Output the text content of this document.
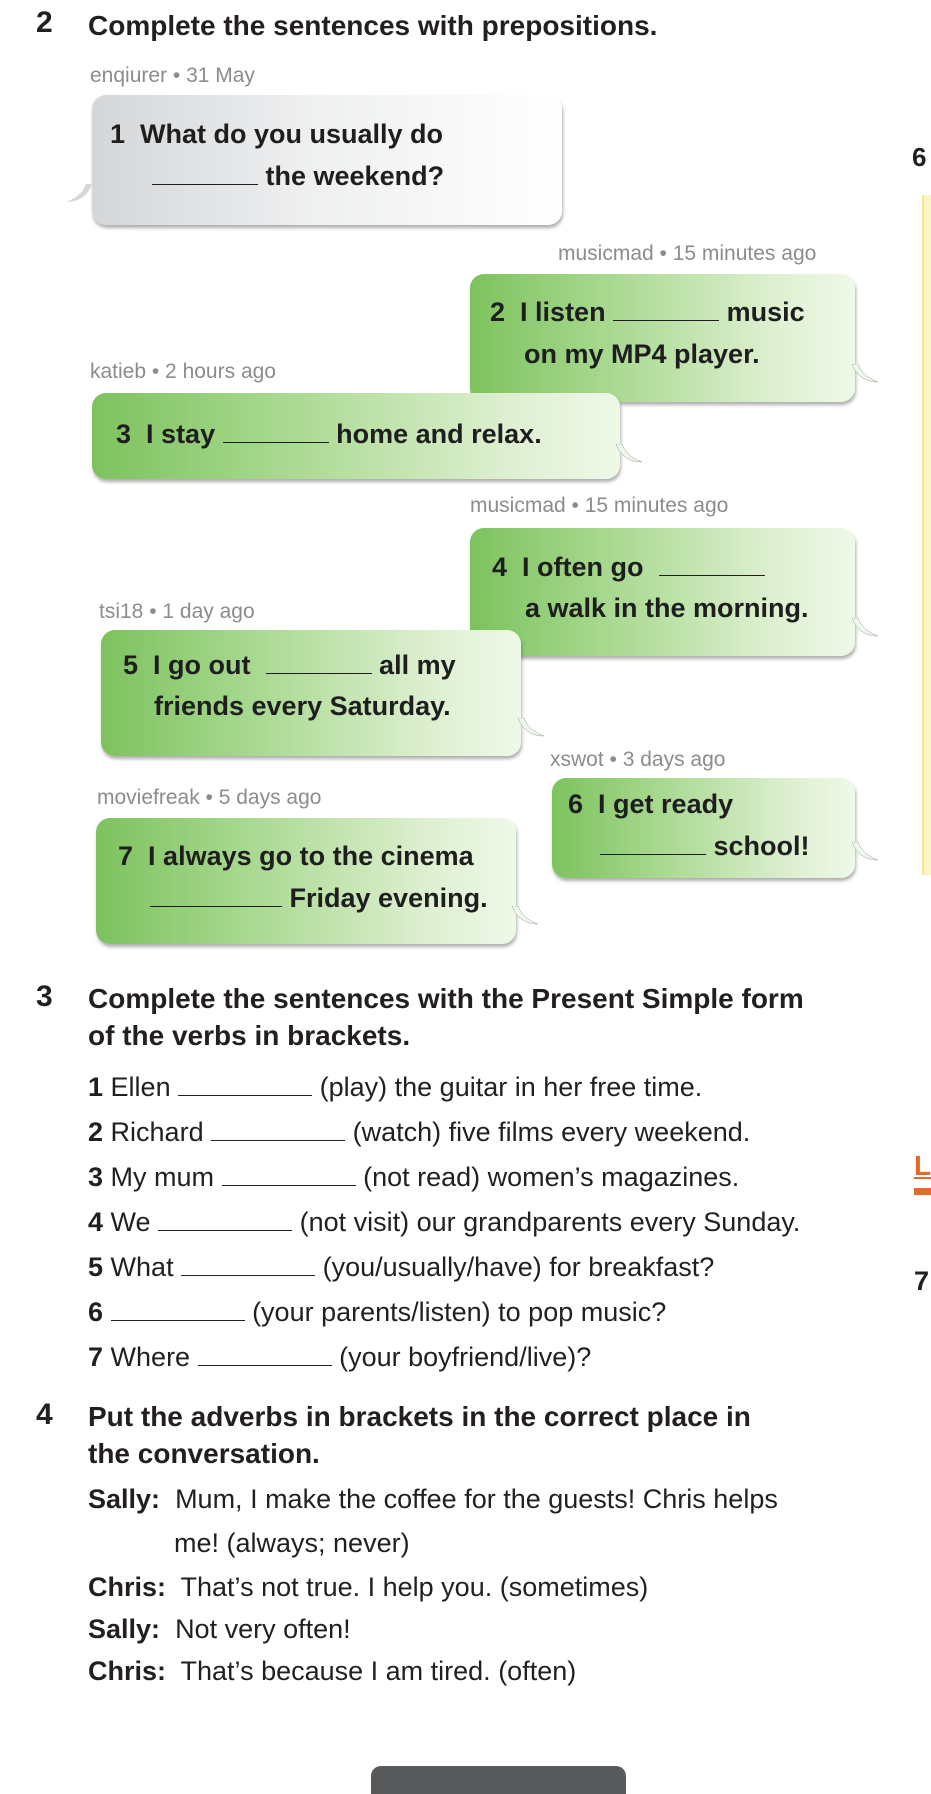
2 Complete the sentences with prepositions.
6
L
7
enqiurer • 31 May
1 What do you usually do
the weekend?
musicmad • 15 minutes ago
2 I listen	music
on my MP4 player.
katieb • 2 hours ago
3 I stay	home and relax.
musicmad • 15 minutes ago
4 I often go
a walk in the morning.
tsi18 • 1 day ago
5 I go out	all my
friends every Saturday.
xswot • 3 days ago
6 I get ready
school!
moviefreak • 5 days ago
7 I always go to the cinema
Friday evening.
3 Complete the sentences with the Present Simple form
of the verbs in brackets.
1 Ellen	(play) the guitar in her free time.
2 Richard	(watch) five films every weekend.
3 My mum	(not read) women’s magazines.
4 We	(not visit) our grandparents every Sunday.
5 What	(you/usually/have) for breakfast?
6	(your parents/listen) to pop music?
7 Where	(your boyfriend/live)?
4 Put the adverbs in brackets in the correct place in
the conversation.
Sally: Mum, I make the coffee for the guests! Chris helps
me! (always; never)
Chris: That’s not true. I help you. (sometimes)
Sally: Not very often!
Chris: That’s because I am tired. (often)
